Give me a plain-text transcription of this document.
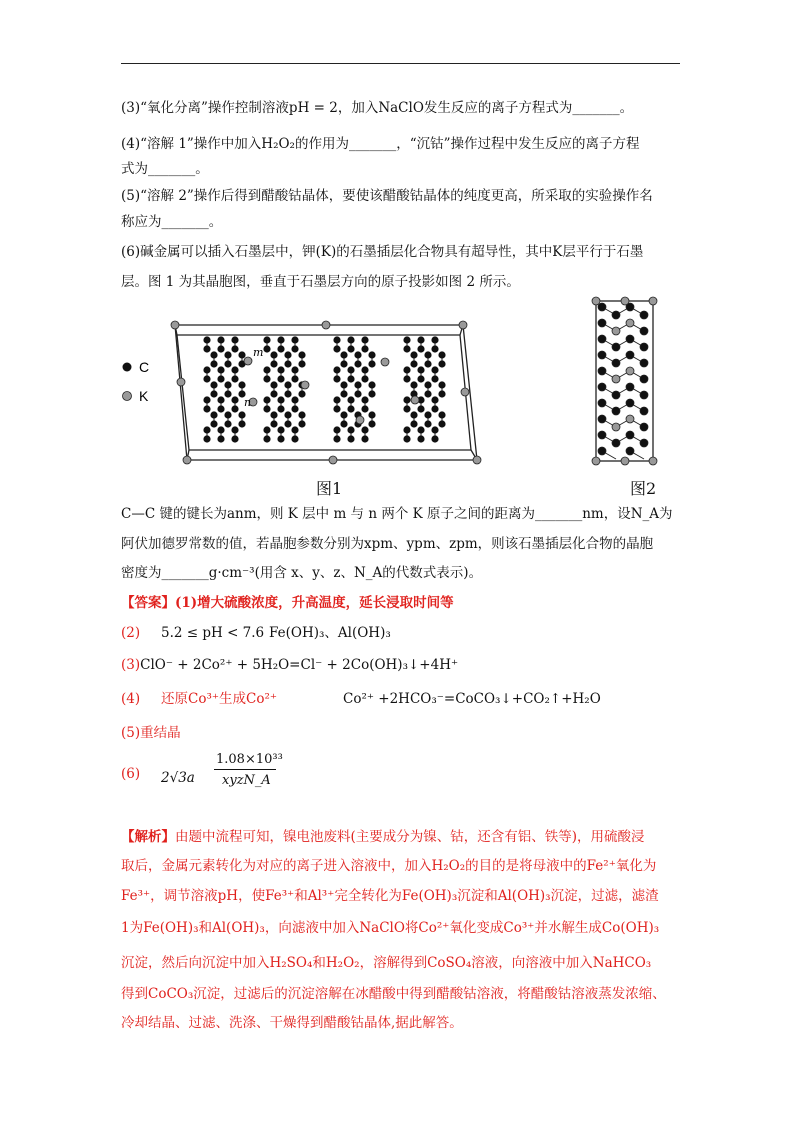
(3)“氧化分离”操作控制溶液pH = 2，加入NaClO发生反应的离子方程式为_______。
(4)“溶解 1”操作中加入H₂O₂的作用为_______，“沉钴”操作过程中发生反应的离子方程
式为_______。
(5)“溶解 2”操作后得到醋酸钴晶体，要使该醋酸钴晶体的纯度更高，所采取的实验操作名
称应为_______。
(6)碱金属可以插入石墨层中，钾(K)的石墨插层化合物具有超导性，其中K层平行于石墨
层。图 1 为其晶胞图，垂直于石墨层方向的原子投影如图 2 所示。
m
n
C
K
图1	图2
C—C 键的键长为anm，则 K 层中 m 与 n 两个 K 原子之间的距离为_______nm，设N_A为
阿伏加德罗常数的值，若晶胞参数分别为xpm、ypm、zpm，则该石墨插层化合物的晶胞
密度为_______g·cm⁻³(用含 x、y、z、N_A的代数式表示)。
【答案】(1)增大硫酸浓度，升高温度，延长浸取时间等
(2) 5.2 ≤ pH < 7.6 Fe(OH)₃、Al(OH)₃
(3)ClO⁻ + 2Co²⁺ + 5H₂O=Cl⁻ + 2Co(OH)₃↓+4H⁺
(4) 还原Co³⁺生成Co²⁺	Co²⁺ +2HCO₃⁻=CoCO₃↓+CO₂↑+H₂O
(5)重结晶
(6) 2√3a
1.08×10³³
xyzN_A
【解析】由题中流程可知，镍电池废料(主要成分为镍、钴，还含有铝、铁等)，用硫酸浸
取后，金属元素转化为对应的离子进入溶液中，加入H₂O₂的目的是将母液中的Fe²⁺氧化为
Fe³⁺，调节溶液pH，使Fe³⁺和Al³⁺完全转化为Fe(OH)₃沉淀和Al(OH)₃沉淀，过滤，滤渣
1为Fe(OH)₃和Al(OH)₃，向滤液中加入NaClO将Co²⁺氧化变成Co³⁺并水解生成Co(OH)₃
沉淀，然后向沉淀中加入H₂SO₄和H₂O₂，溶解得到CoSO₄溶液，向溶液中加入NaHCO₃
得到CoCO₃沉淀，过滤后的沉淀溶解在冰醋酸中得到醋酸钴溶液，将醋酸钴溶液蒸发浓缩、
冷却结晶、过滤、洗涤、干燥得到醋酸钴晶体,据此解答。
